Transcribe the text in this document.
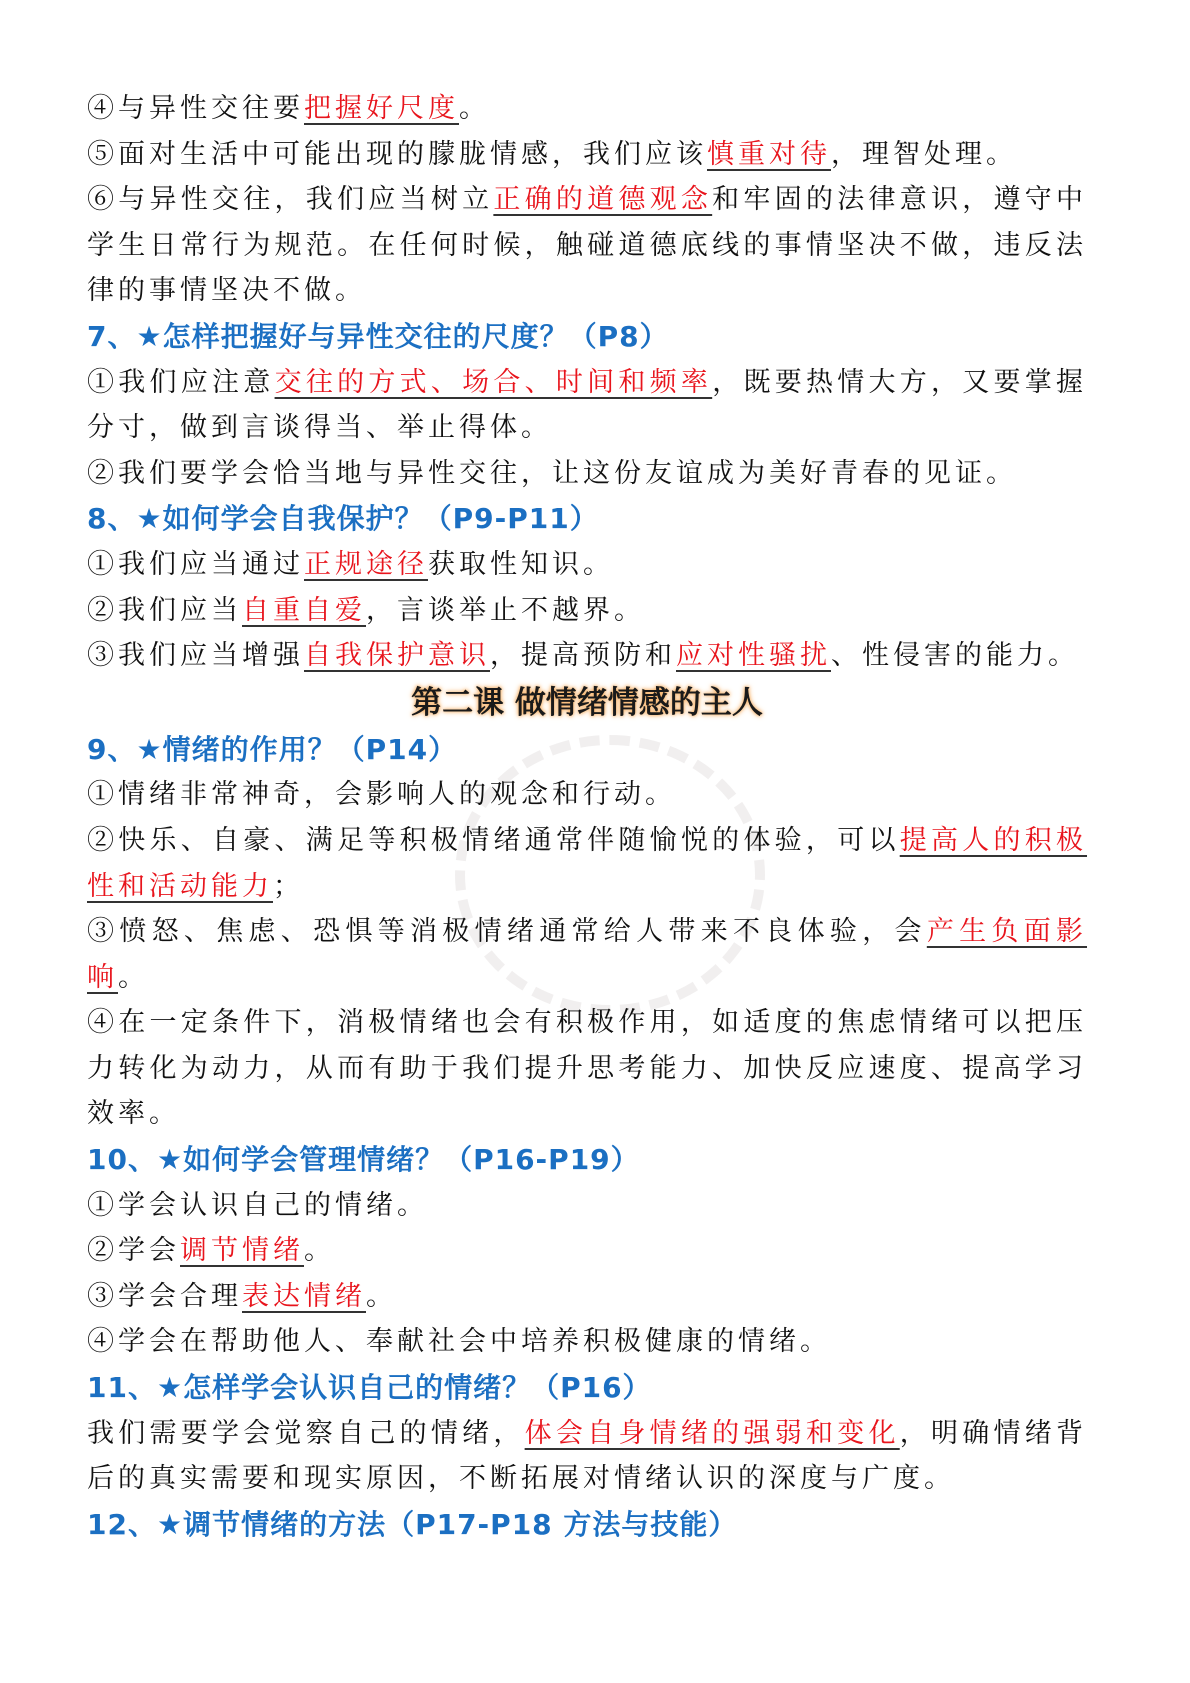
④与异性交往要把握好尺度。

⑤面对生活中可能出现的朦胧情感，我们应该慎重对待，理智处理。

⑥与异性交往，我们应当树立正确的道德观念和牢固的法律意识，遵守中学生日常行为规范。在任何时候，触碰道德底线的事情坚决不做，违反法律的事情坚决不做。

7、★怎样把握好与异性交往的尺度？（P8）

①我们应注意交往的方式、场合、时间和频率，既要热情大方，又要掌握分寸，做到言谈得当、举止得体。

②我们要学会恰当地与异性交往，让这份友谊成为美好青春的见证。

8、★如何学会自我保护？（P9-P11）

①我们应当通过正规途径获取性知识。

②我们应当自重自爱，言谈举止不越界。

③我们应当增强自我保护意识，提高预防和应对性骚扰、性侵害的能力。

第二课 做情绪情感的主人

9、★情绪的作用？（P14）

①情绪非常神奇，会影响人的观念和行动。

②快乐、自豪、满足等积极情绪通常伴随愉悦的体验，可以提高人的积极性和活动能力；

③愤怒、焦虑、恐惧等消极情绪通常给人带来不良体验，会产生负面影响。

④在一定条件下，消极情绪也会有积极作用，如适度的焦虑情绪可以把压力转化为动力，从而有助于我们提升思考能力、加快反应速度、提高学习效率。

10、★如何学会管理情绪？（P16-P19）

①学会认识自己的情绪。

②学会调节情绪。

③学会合理表达情绪。

④学会在帮助他人、奉献社会中培养积极健康的情绪。

11、★怎样学会认识自己的情绪？（P16）

我们需要学会觉察自己的情绪，体会自身情绪的强弱和变化，明确情绪背后的真实需要和现实原因，不断拓展对情绪认识的深度与广度。

12、★调节情绪的方法（P17-P18 方法与技能）
